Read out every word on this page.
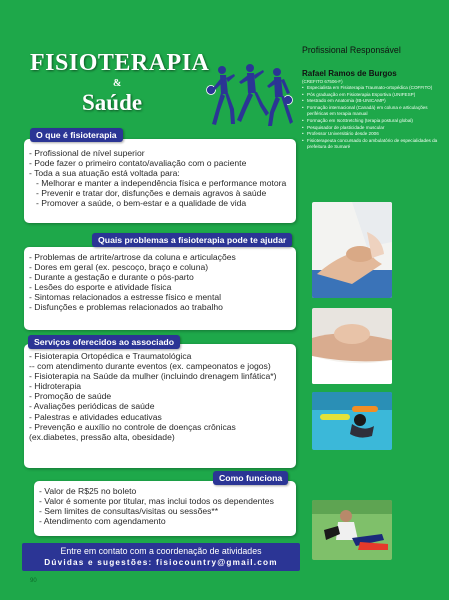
FISIOTERAPIA
&
Saúde
Profissional Responsável
Rafael Ramos de Burgos
(CREFITO 67506-F)
• Especialista em Fisioterapia Traumato-ortopédica (COFFITO)
• Pós graduação em Fisioterapia Esportiva (UNIFESP)
• Mestrado em Anatomia (IB-UNICAMP)
• Formação internacional (Canadá) em coluna e articulações periféricas em terapia manual
• Formação em IsoStretching (terapia postural global)
• Pesquisador de plasticidade muscular
• Professor Universitário desde 2006
• Fisioterapeuta concursado do ambulatório de especialidades da prefeitura de Sumaré
- Profissional de nível superior
- Pode fazer o primeiro contato/avaliação com o paciente
- Toda a sua atuação está voltada para:
- Melhorar e manter a independência física e performance motora
- Prevenir e tratar dor, disfunções e demais agravos à saúde
- Promover a saúde, o bem-estar e a qualidade de vida
O que é fisioterapia
- Problemas de artrite/artrose da coluna e articulações
- Dores em geral (ex. pescoço, braço e coluna)
- Durante a gestação e durante o pós-parto
- Lesões do esporte e atividade física
- Sintomas relacionados a estresse físico e mental
- Disfunções e problemas relacionados ao trabalho
Quais problemas a fisioterapia pode te ajudar
- Fisioterapia Ortopédica e Traumatológica
-- com atendimento durante eventos (ex. campeonatos e jogos)
- Fisioterapia na Saúde da mulher (incluindo drenagem linfática*)
- Hidroterapia
- Promoção de saúde
- Avaliações periódicas de saúde
- Palestras e atividades educativas
- Prevenção e auxílio no controle de doenças crônicas
(ex.diabetes, pressão alta, obesidade)
Serviços oferecidos ao associado
- Valor de R$25 no boleto
- Valor é somente por titular, mas inclui todos os dependentes
- Sem limites de consultas/visitas ou sessões**
- Atendimento com agendamento
Como funciona
Entre em contato com a coordenação de atividades
Dúvidas e sugestões: fisiocountry@gmail.com
90
